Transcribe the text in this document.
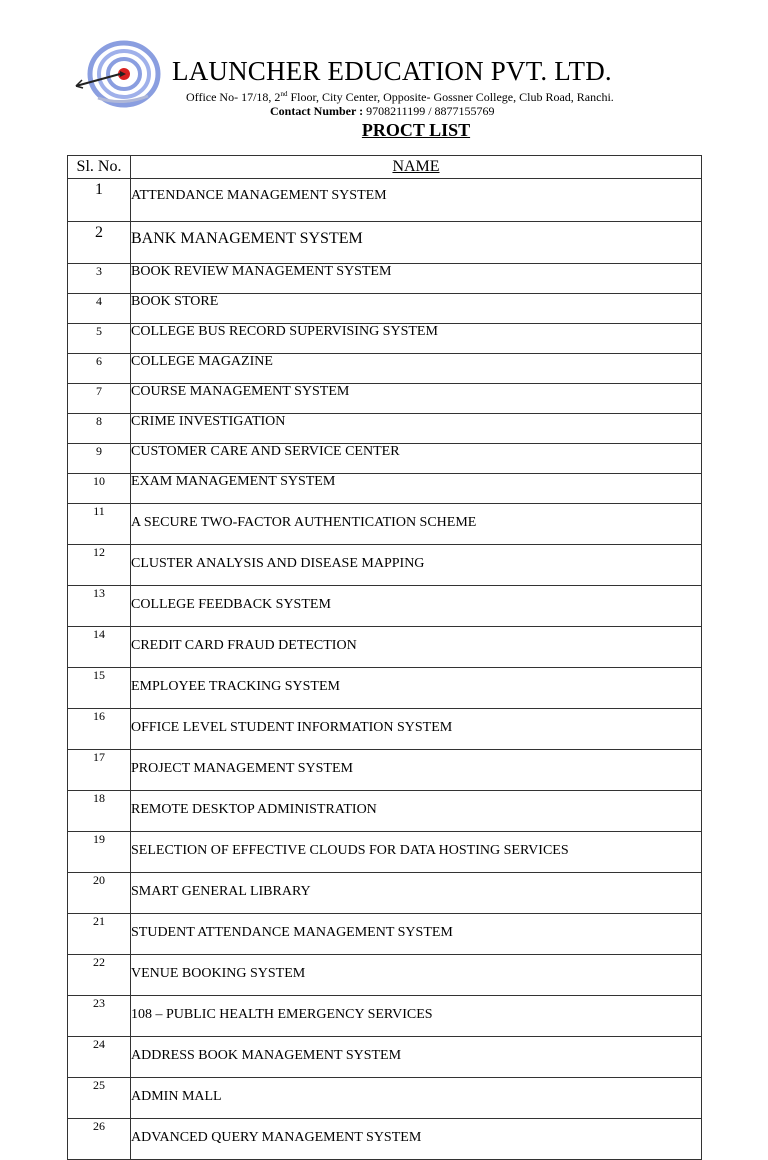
LAUNCHER EDUCATION PVT. LTD.
Office No- 17/18, 2nd Floor, City Center, Opposite- Gossner College, Club Road, Ranchi.
Contact Number : 9708211199 / 8877155769
PROCT LIST
Sl. No.	NAME
1	ATTENDANCE MANAGEMENT SYSTEM
2	BANK MANAGEMENT SYSTEM
3	BOOK REVIEW MANAGEMENT SYSTEM
4	BOOK STORE
5	COLLEGE BUS RECORD SUPERVISING SYSTEM
6	COLLEGE MAGAZINE
7	COURSE MANAGEMENT SYSTEM
8	CRIME INVESTIGATION
9	CUSTOMER CARE AND SERVICE CENTER
10	EXAM MANAGEMENT SYSTEM
11	A SECURE TWO-FACTOR AUTHENTICATION SCHEME
12	CLUSTER ANALYSIS AND DISEASE MAPPING
13	COLLEGE FEEDBACK SYSTEM
14	CREDIT CARD FRAUD DETECTION
15	EMPLOYEE TRACKING SYSTEM
16	OFFICE LEVEL STUDENT INFORMATION SYSTEM
17	PROJECT MANAGEMENT SYSTEM
18	REMOTE DESKTOP ADMINISTRATION
19	SELECTION OF EFFECTIVE CLOUDS FOR DATA HOSTING SERVICES
20	SMART GENERAL LIBRARY
21	STUDENT ATTENDANCE MANAGEMENT SYSTEM
22	VENUE BOOKING SYSTEM
23	108 – PUBLIC HEALTH EMERGENCY SERVICES
24	ADDRESS BOOK MANAGEMENT SYSTEM
25	ADMIN MALL
26	ADVANCED QUERY MANAGEMENT SYSTEM
